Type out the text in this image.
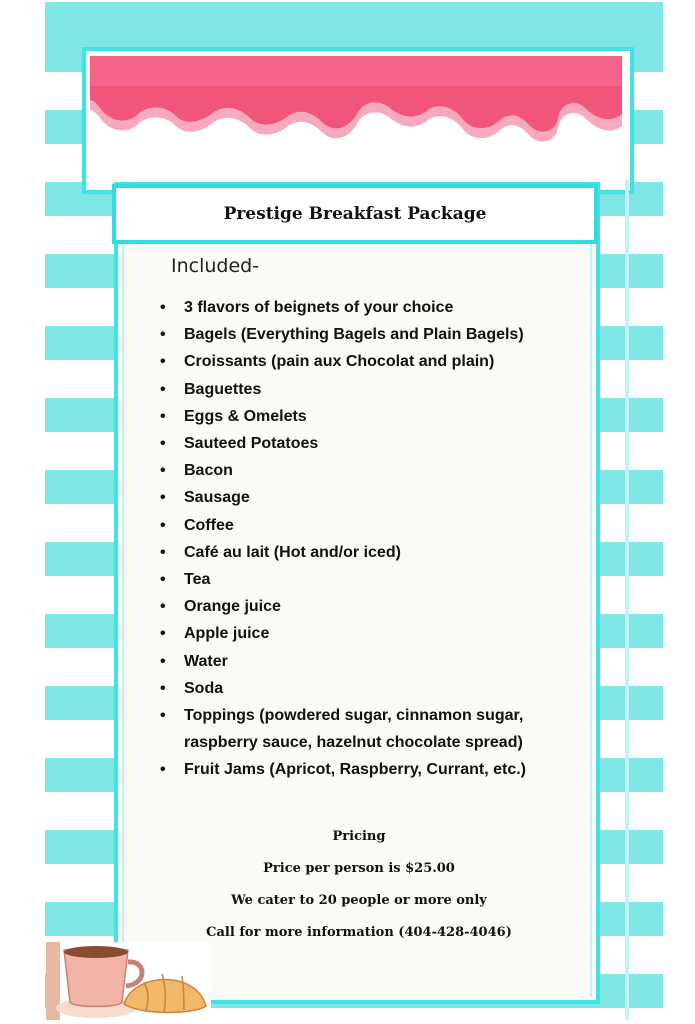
Prestige Breakfast Package
Included-
• 3 flavors of beignets of your choice
• Bagels (Everything Bagels and Plain Bagels)
• Croissants (pain aux Chocolat and plain)
• Baguettes
• Eggs & Omelets
• Sauteed Potatoes
• Bacon
• Sausage
• Coffee
• Café au lait (Hot and/or iced)
• Tea
• Orange juice
• Apple juice
• Water
• Soda
• Toppings (powdered sugar, cinnamon sugar, raspberry sauce, hazelnut chocolate spread)
• Fruit Jams (Apricot, Raspberry, Currant, etc.)
Pricing
Price per person is $25.00
We cater to 20 people or more only
Call for more information (404-428-4046)
